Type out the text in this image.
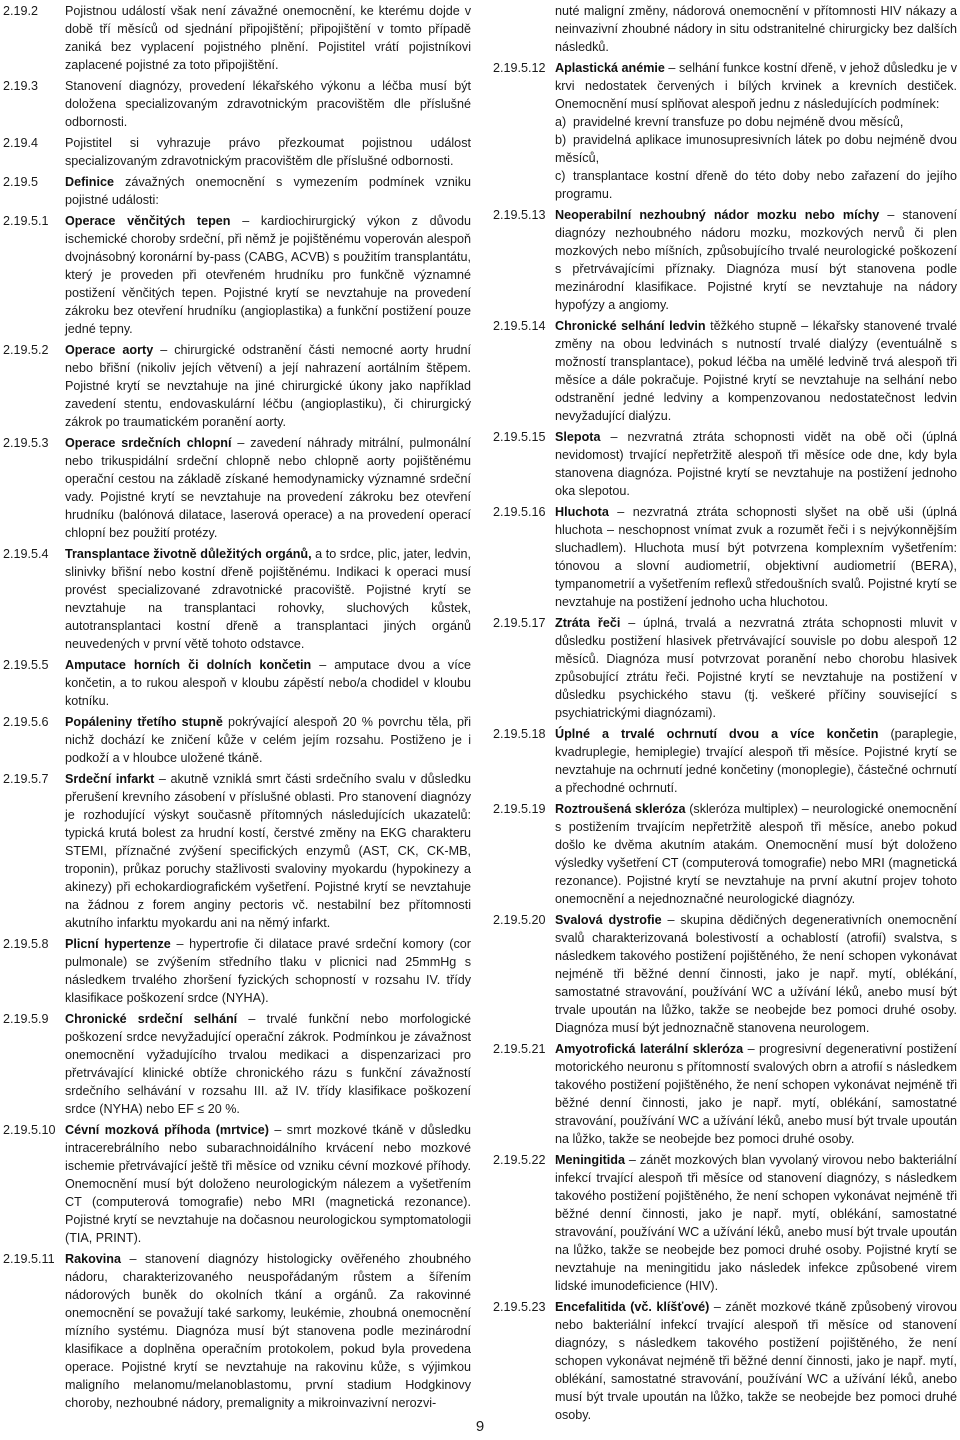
2.19.2	Pojistnou událostí však není závažné onemocnění, ke kterému dojde v době tří měsíců od sjednání připojištění; připojištění v tomto případě zaniká bez vyplacení pojistného plnění. Pojistitel vrátí pojistníkovi zaplacené pojistné za toto připojištění.
2.19.3	Stanovení diagnózy, provedení lékařského výkonu a léčba musí být doložena specializovaným zdravotnickým pracovištěm dle příslušné odbornosti.
2.19.4	Pojistitel si vyhrazuje právo přezkoumat pojistnou událost specializovaným zdravotnickým pracovištěm dle příslušné odbornosti.
2.19.5	Definice závažných onemocnění s vymezením podmínek vzniku pojistné události:
2.19.5.1	Operace věnčitých tepen – kardiochirurgický výkon z důvodu ischemické choroby srdeční, při němž je pojištěnému voperován alespoň dvojnásobný koronární by-pass (CABG, ACVB) s použitím transplantátu, který je proveden při otevřeném hrudníku pro funkčně významné postižení věnčitých tepen. Pojistné krytí se nevztahuje na provedení zákroku bez otevření hrudníku (angioplastika) a funkční postižení pouze jedné tepny.
2.19.5.2	Operace aorty – chirurgické odstranění části nemocné aorty hrudní nebo břišní (nikoliv jejích větvení) a její nahrazení aortálním štěpem. Pojistné krytí se nevztahuje na jiné chirurgické úkony jako například zavedení stentu, endovaskulární léčbu (angioplastiku), či chirurgický zákrok po traumatickém poranění aorty.
2.19.5.3	Operace srdečních chlopní – zavedení náhrady mitrální, pulmonální nebo trikuspidální srdeční chlopně nebo chlopně aorty pojištěnému operační cestou na základě získané hemodynamicky významné srdeční vady. Pojistné krytí se nevztahuje na provedení zákroku bez otevření hrudníku (balónová dilatace, laserová operace) a na provedení operací chlopní bez použití protézy.
2.19.5.4	Transplantace životně důležitých orgánů, a to srdce, plic, jater, ledvin, slinivky břišní nebo kostní dřeně pojištěnému. Indikaci k operaci musí provést specializované zdravotnické pracoviště. Pojistné krytí se nevztahuje na transplantaci rohovky, sluchových kůstek, autotransplantaci kostní dřeně a transplantaci jiných orgánů neuvedených v první větě tohoto odstavce.
2.19.5.5	Amputace horních či dolních končetin – amputace dvou a více končetin, a to rukou alespoň v kloubu zápěstí nebo/a chodidel v kloubu kotníku.
2.19.5.6	Popáleniny třetího stupně pokrývající alespoň 20 % povrchu těla, při nichž dochází ke zničení kůže v celém jejím rozsahu. Postiženo je i podkoží a v hloubce uložené tkáně.
2.19.5.7	Srdeční infarkt – akutně vzniklá smrt části srdečního svalu v důsledku přerušení krevního zásobení v příslušné oblasti. Pro stanovení diagnózy je rozhodující výskyt současně přítomných následujících ukazatelů: typická krutá bolest za hrudní kostí, čerstvé změny na EKG charakteru STEMI, příznačné zvýšení specifických enzymů (AST, CK, CK-MB, troponin), průkaz poruchy stažlivosti svaloviny myokardu (hypokinezy a akinezy) při echokardiografickém vyšetření. Pojistné krytí se nevztahuje na žádnou z forem anginy pectoris vč. nestabilní bez přítomnosti akutního infarktu myokardu ani na němý infarkt.
2.19.5.8	Plicní hypertenze – hypertrofie či dilatace pravé srdeční komory (cor pulmonale) se zvýšením středního tlaku v plicnici nad 25mmHg s následkem trvalého zhoršení fyzických schopností v rozsahu IV. třídy klasifikace poškození srdce (NYHA).
2.19.5.9	Chronické srdeční selhání – trvalé funkční nebo morfologické poškození srdce nevyžadující operační zákrok. Podmínkou je závažnost onemocnění vyžadujícího trvalou medikaci a dispenzarizaci pro přetrvávající klinické obtíže chronického rázu s funkční závažností srdečního selhávání v rozsahu III. až IV. třídy klasifikace poškození srdce (NYHA) nebo EF ≤ 20 %.
2.19.5.10 Cévní mozková příhoda (mrtvice) – smrt mozkové tkáně v důsledku intracerebrálního nebo subarachnoidálního krvácení nebo mozkové ischemie přetrvávající ještě tři měsíce od vzniku cévní mozkové příhody. Onemocnění musí být doloženo neurologickým nálezem a vyšetřením CT (computerová tomografie) nebo MRI (magnetická rezonance). Pojistné krytí se nevztahuje na dočasnou neurologickou symptomatologii (TIA, PRINT).
2.19.5.11 Rakovina – stanovení diagnózy histologicky ověřeného zhoubného nádoru, charakterizovaného neuspořádaným růstem a šířením nádorových buněk do okolních tkání a orgánů. Za rakovinné onemocnění se považují také sarkomy, leukémie, zhoubná onemocnění mízního systému. Diagnóza musí být stanovena podle mezinárodní klasifikace a doplněna operačním protokolem, pokud byla provedena operace. Pojistné krytí se nevztahuje na rakovinu kůže, s výjimkou maligního melanomu/melanoblastomu, první stadium Hodgkinovy choroby, nezhoubné nádory, premalignity a mikroinvazivní nerozvi-
nuté maligní změny, nádorová onemocnění v přítomnosti HIV nákazy a neinvazivní zhoubné nádory in situ odstranitelné chirurgicky bez dalších následků.
2.19.5.12 Aplastická anémie – selhání funkce kostní dřeně, v jehož důsledku je v krvi nedostatek červených i bílých krvinek a krevních destiček. Onemocnění musí splňovat alespoň jednu z následujících podmínek:
a) pravidelné krevní transfuze po dobu nejméně dvou měsíců,
b) pravidelná aplikace imunosupresivních látek po dobu nejméně dvou měsíců,
c) transplantace kostní dřeně do této doby nebo zařazení do jejího programu.
2.19.5.13 Neoperabilní nezhoubný nádor mozku nebo míchy – stanovení diagnózy nezhoubného nádoru mozku, mozkových nervů či plen mozkových nebo míšních, způsobujícího trvalé neurologické poškození s přetrvávajícími příznaky. Diagnóza musí být stanovena podle mezinárodní klasifikace. Pojistné krytí se nevztahuje na nádory hypofýzy a angiomy.
2.19.5.14 Chronické selhání ledvin těžkého stupně – lékařsky stanovené trvalé změny na obou ledvinách s nutností trvalé dialýzy (eventuálně s možností transplantace), pokud léčba na umělé ledvině trvá alespoň tři měsíce a dále pokračuje. Pojistné krytí se nevztahuje na selhání nebo odstranění jedné ledviny a kompenzovanou nedostatečnost ledvin nevyžadující dialýzu.
2.19.5.15 Slepota – nezvratná ztráta schopnosti vidět na obě oči (úplná nevidomost) trvající nepřetržitě alespoň tři měsíce ode dne, kdy byla stanovena diagnóza. Pojistné krytí se nevztahuje na postižení jednoho oka slepotou.
2.19.5.16 Hluchota – nezvratná ztráta schopnosti slyšet na obě uši (úplná hluchota – neschopnost vnímat zvuk a rozumět řeči i s nejvýkonnějším sluchadlem). Hluchota musí být potvrzena komplexním vyšetřením: tónovou a slovní audiometrií, objektivní audiometrií (BERA), tympanometrií a vyšetřením reflexů středoušních svalů. Pojistné krytí se nevztahuje na postižení jednoho ucha hluchotou.
2.19.5.17 Ztráta řeči – úplná, trvalá a nezvratná ztráta schopnosti mluvit v důsledku postižení hlasivek přetrvávající souvisle po dobu alespoň 12 měsíců. Diagnóza musí potvrzovat poranění nebo chorobu hlasivek způsobující ztrátu řeči. Pojistné krytí se nevztahuje na postižení v důsledku psychického stavu (tj. veškeré příčiny související s psychiatrickými diagnózami).
2.19.5.18 Úplné a trvalé ochrnutí dvou a více končetin (paraplegie, kvadruplegie, hemiplegie) trvající alespoň tři měsíce. Pojistné krytí se nevztahuje na ochrnutí jedné končetiny (monoplegie), částečné ochrnutí a přechodné ochrnutí.
2.19.5.19 Roztroušená skleróza (skleróza multiplex) – neurologické onemocnění s postižením trvajícím nepřetržitě alespoň tři měsíce, anebo pokud došlo ke dvěma akutním atakám. Onemocnění musí být doloženo výsledky vyšetření CT (computerová tomografie) nebo MRI (magnetická rezonance). Pojistné krytí se nevztahuje na první akutní projev tohoto onemocnění a nejednoznačné neurologické diagnózy.
2.19.5.20 Svalová dystrofie – skupina dědičných degenerativních onemocnění svalů charakterizovaná bolestivostí a ochablostí (atrofií) svalstva, s následkem takového postižení pojištěného, že není schopen vykonávat nejméně tři běžné denní činnosti, jako je např. mytí, oblékání, samostatné stravování, používání WC a užívání léků, anebo musí být trvale upoután na lůžko, takže se neobejde bez pomoci druhé osoby. Diagnóza musí být jednoznačně stanovena neurologem.
2.19.5.21 Amyotrofická laterální skleróza – progresivní degenerativní postižení motorického neuronu s přítomností svalových obrn a atrofií s následkem takového postižení pojištěného, že není schopen vykonávat nejméně tři běžné denní činnosti, jako je např. mytí, oblékání, samostatné stravování, používání WC a užívání léků, anebo musí být trvale upoután na lůžko, takže se neobejde bez pomoci druhé osoby.
2.19.5.22 Meningitida – zánět mozkových blan vyvolaný virovou nebo bakteriální infekcí trvající alespoň tři měsíce od stanovení diagnózy, s následkem takového postižení pojištěného, že není schopen vykonávat nejméně tři běžné denní činnosti, jako je např. mytí, oblékání, samostatné stravování, používání WC a užívání léků, anebo musí být trvale upoután na lůžko, takže se neobejde bez pomoci druhé osoby. Pojistné krytí se nevztahuje na meningitidu jako následek infekce způsobené virem lidské imunodeficience (HIV).
2.19.5.23 Encefalitida (vč. klíšťové) – zánět mozkové tkáně způsobený virovou nebo bakteriální infekcí trvající alespoň tři měsíce od stanovení diagnózy, s následkem takového postižení pojištěného, že není schopen vykonávat nejméně tři běžné denní činnosti, jako je např. mytí, oblékání, samostatné stravování, používání WC a užívání léků, anebo musí být trvale upoután na lůžko, takže se neobejde bez pomoci druhé osoby.
9
